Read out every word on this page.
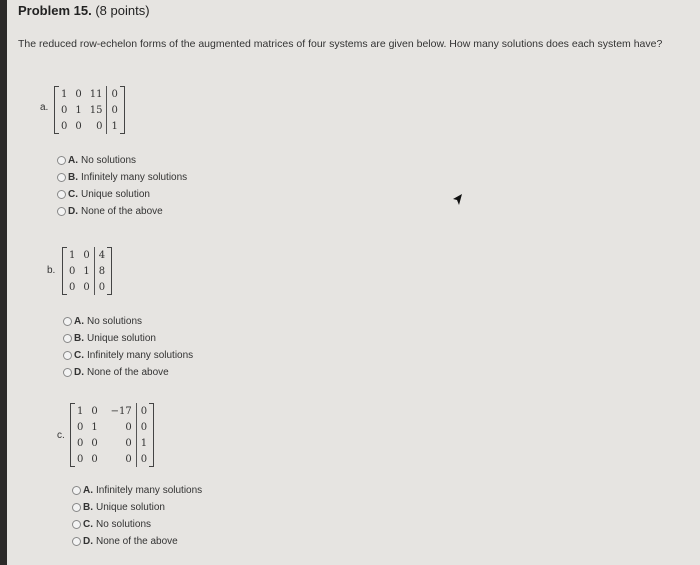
Problem 15. (8 points)
The reduced row-echelon forms of the augmented matrices of four systems are given below. How many solutions does each system have?
a.
1	0	11	0
0	1	15	0
0	0	0	1
A. No solutions
B. Infinitely many solutions
C. Unique solution
D. None of the above
b.
1	0	4
0	1	8
0	0	0
A. No solutions
B. Unique solution
C. Infinitely many solutions
D. None of the above
c.
1	0	−17	0
0	1	0	0
0	0	0	1
0	0	0	0
A. Infinitely many solutions
B. Unique solution
C. No solutions
D. None of the above
